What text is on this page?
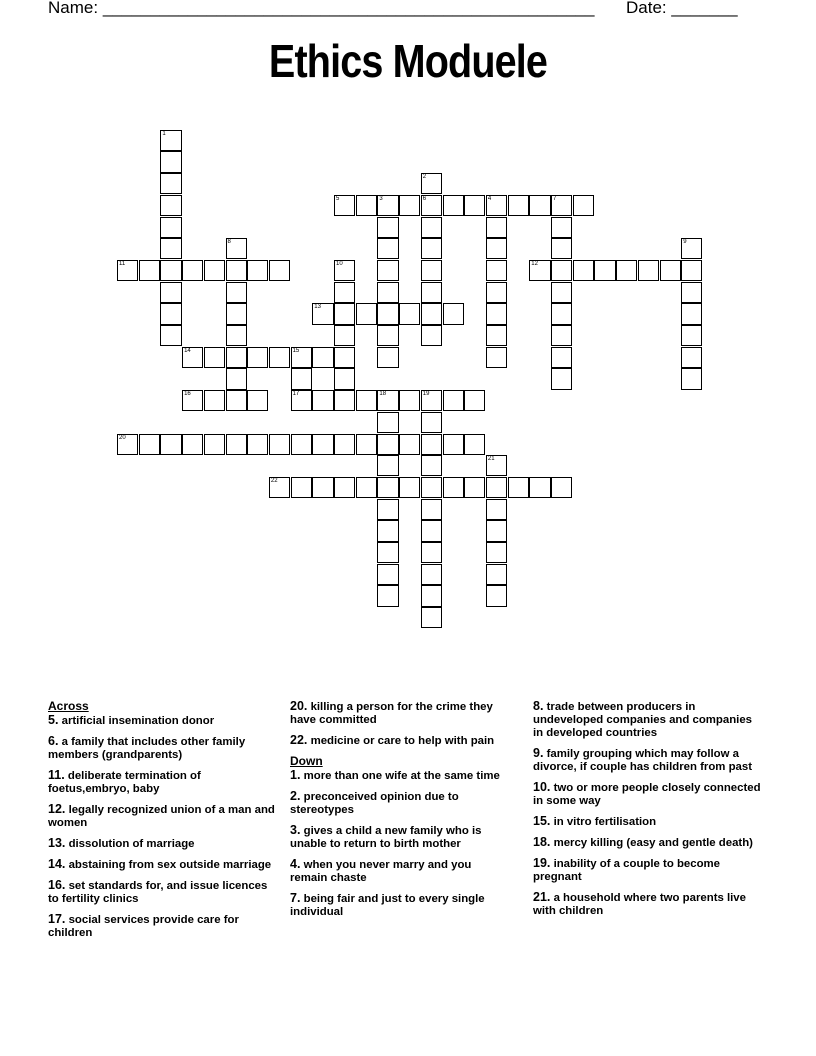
Name: ____________________________________________________ Date: _______
Ethics Moduele
5	3	6	4	7
11	12
13
14	15
16	17	18	19
20
22
1
2
8	9
10
21
Across
5. artificial insemination donor
6. a family that includes other family members (grandparents)
11. deliberate termination of foetus,embryo, baby
12. legally recognized union of a man and women
13. dissolution of marriage
14. abstaining from sex outside marriage
16. set standards for, and issue licences to fertility clinics
17. social services provide care for children
20. killing a person for the crime they have committed
22. medicine or care to help with pain
Down
1. more than one wife at the same time
2. preconceived opinion due to stereotypes
3. gives a child a new family who is unable to return to birth mother
4. when you never marry and you remain chaste
7. being fair and just to every single individual
8. trade between producers in undeveloped companies and companies in developed countries
9. family grouping which may follow a divorce, if couple has children from past
10. two or more people closely connected in some way
15. in vitro fertilisation
18. mercy killing (easy and gentle death)
19. inability of a couple to become pregnant
21. a household where two parents live with children
